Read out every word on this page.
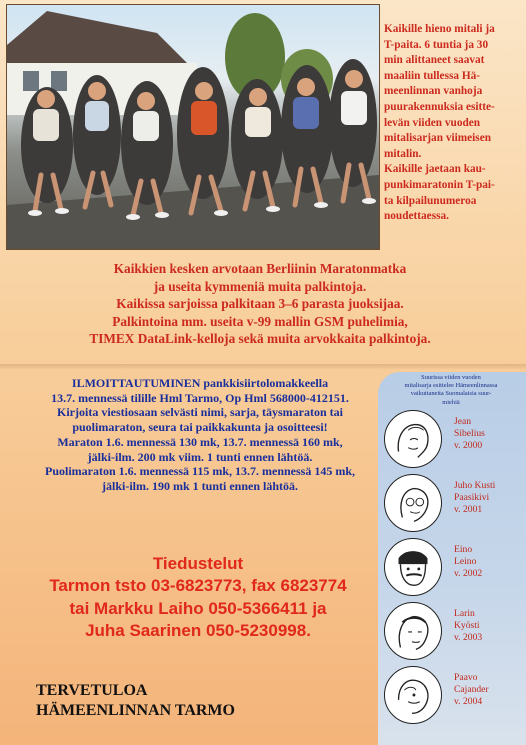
Kaikille hieno mitali ja
T-paita. 6 tuntia ja 30
min alittaneet saavat
maaliin tullessa Hä-
meenlinnan vanhoja
puurakennuksia esitte-
levän viiden vuoden
mitalisarjan viimeisen
mitalin.
Kaikille jaetaan kau-
punkimaratonin T-pai-
ta kilpailunumeroa
noudettaessa.
Kaikkien kesken arvotaan Berliinin Maratonmatka
ja useita kymmeniä muita palkintoja.
Kaikissa sarjoissa palkitaan 3–6 parasta juoksijaa.
Palkintoina mm. useita v-99 mallin GSM puhelimia,
TIMEX DataLink-kelloja sekä muita arvokkaita palkintoja.
ILMOITTAUTUMINEN pankkisiirtolomakkeella
13.7. mennessä tilille Hml Tarmo, Op Hml 568000-412151.
Kirjoita viestiosaan selvästi nimi, sarja, täysmaraton tai
puolimaraton, seura tai paikkakunta ja osoitteesi!
Maraton 1.6. mennessä 130 mk, 13.7. mennessä 160 mk,
jälki-ilm. 200 mk viim. 1 tunti ennen lähtöä.
Puolimaraton 1.6. mennessä 115 mk, 13.7. mennessä 145 mk,
jälki-ilm. 190 mk 1 tunti ennen lähtöä.
Tiedustelut
Tarmon tsto 03-6823773, fax 6823774
tai Markku Laiho 050-5366411 ja
Juha Saarinen 050-5230998.
TERVETULOA
HÄMEENLINNAN TARMO
Suurissa viiden vuoden
mitalisarja esittelee Hämeenlinnassa
vaikuttaneita Suomalaisia suur-
miehiä
Jean
Sibelius
v. 2000
Juho Kusti
Paasikivi
v. 2001
Eino
Leino
v. 2002
Larin
Kyösti
v. 2003
Paavo
Cajander
v. 2004
